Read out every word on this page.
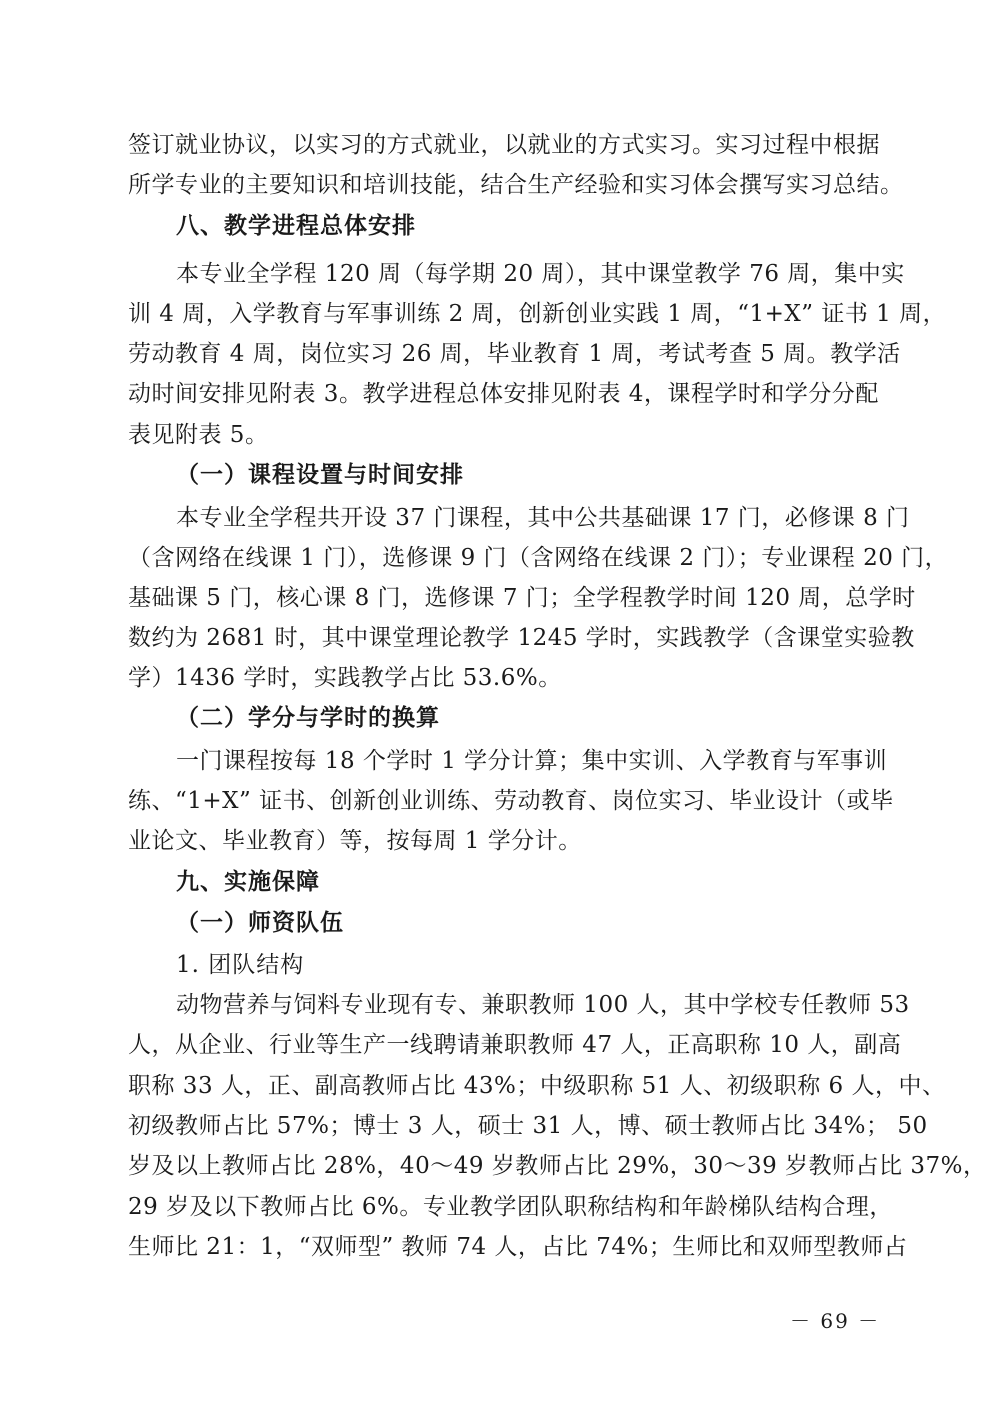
签订就业协议，以实习的方式就业，以就业的方式实习。实习过程中根据
所学专业的主要知识和培训技能，结合生产经验和实习体会撰写实习总结。
八、教学进程总体安排
本专业全学程 120 周（每学期 20 周），其中课堂教学 76 周，集中实
训 4 周，入学教育与军事训练 2 周，创新创业实践 1 周，“1+X” 证书 1 周，
劳动教育 4 周，岗位实习 26 周，毕业教育 1 周，考试考查 5 周。教学活
动时间安排见附表 3。教学进程总体安排见附表 4，课程学时和学分分配
表见附表 5。
（一）课程设置与时间安排
本专业全学程共开设 37 门课程，其中公共基础课 17 门，必修课 8 门
（含网络在线课 1 门），选修课 9 门（含网络在线课 2 门）；专业课程 20 门，
基础课 5 门，核心课 8 门，选修课 7 门；全学程教学时间 120 周，总学时
数约为 2681 时，其中课堂理论教学 1245 学时，实践教学（含课堂实验教
学）1436 学时，实践教学占比 53.6%。
（二）学分与学时的换算
一门课程按每 18 个学时 1 学分计算；集中实训、入学教育与军事训
练、“1+X” 证书、创新创业训练、劳动教育、岗位实习、毕业设计（或毕
业论文、毕业教育）等，按每周 1 学分计。
九、实施保障
（一）师资队伍
1. 团队结构
动物营养与饲料专业现有专、兼职教师 100 人，其中学校专任教师 53
人，从企业、行业等生产一线聘请兼职教师 47 人，正高职称 10 人，副高
职称 33 人，正、副高教师占比 43%；中级职称 51 人、初级职称 6 人，中、
初级教师占比 57%；博士 3 人，硕士 31 人，博、硕士教师占比 34%； 50
岁及以上教师占比 28%，40～49 岁教师占比 29%，30～39 岁教师占比 37%，
29 岁及以下教师占比 6%。专业教学团队职称结构和年龄梯队结构合理，
生师比 21：1，“双师型” 教师 74 人，占比 74%；生师比和双师型教师占
－ 69 －
